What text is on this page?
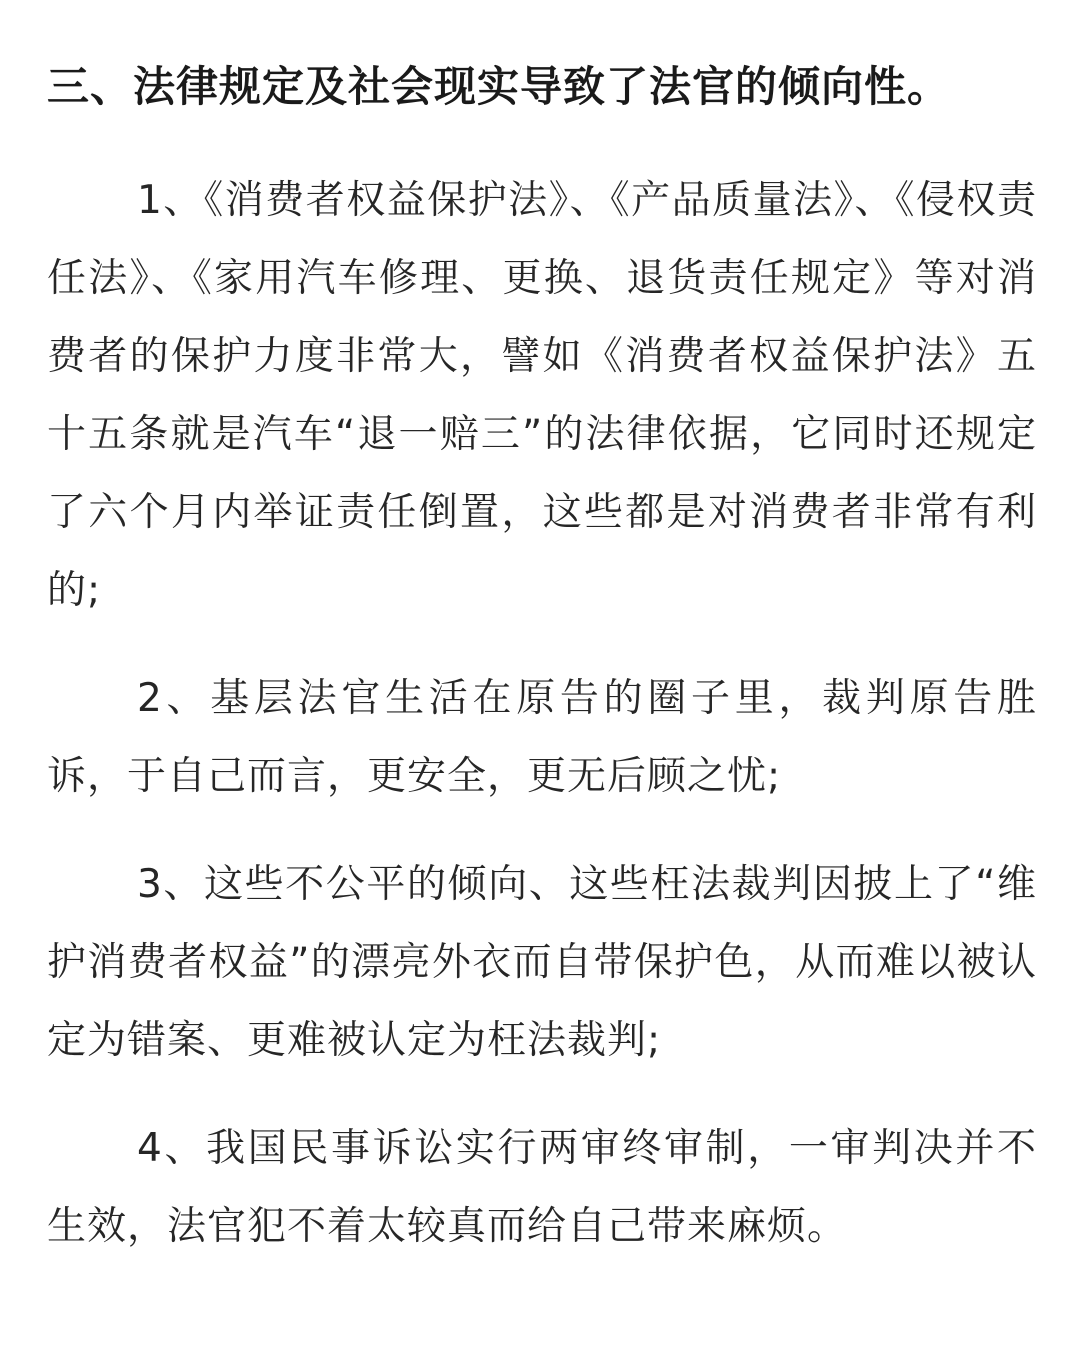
三、法律规定及社会现实导致了法官的倾向性。

1、《消费者权益保护法》、《产品质量法》、《侵权责任法》、《家用汽车修理、更换、退货责任规定》等对消费者的保护力度非常大，譬如《消费者权益保护法》五十五条就是汽车“退一赔三”的法律依据，它同时还规定了六个月内举证责任倒置，这些都是对消费者非常有利的;

2、基层法官生活在原告的圈子里，裁判原告胜诉，于自己而言，更安全，更无后顾之忧;

3、这些不公平的倾向、这些枉法裁判因披上了“维护消费者权益”的漂亮外衣而自带保护色，从而难以被认定为错案、更难被认定为枉法裁判;

4、我国民事诉讼实行两审终审制，一审判决并不生效，法官犯不着太较真而给自己带来麻烦。
